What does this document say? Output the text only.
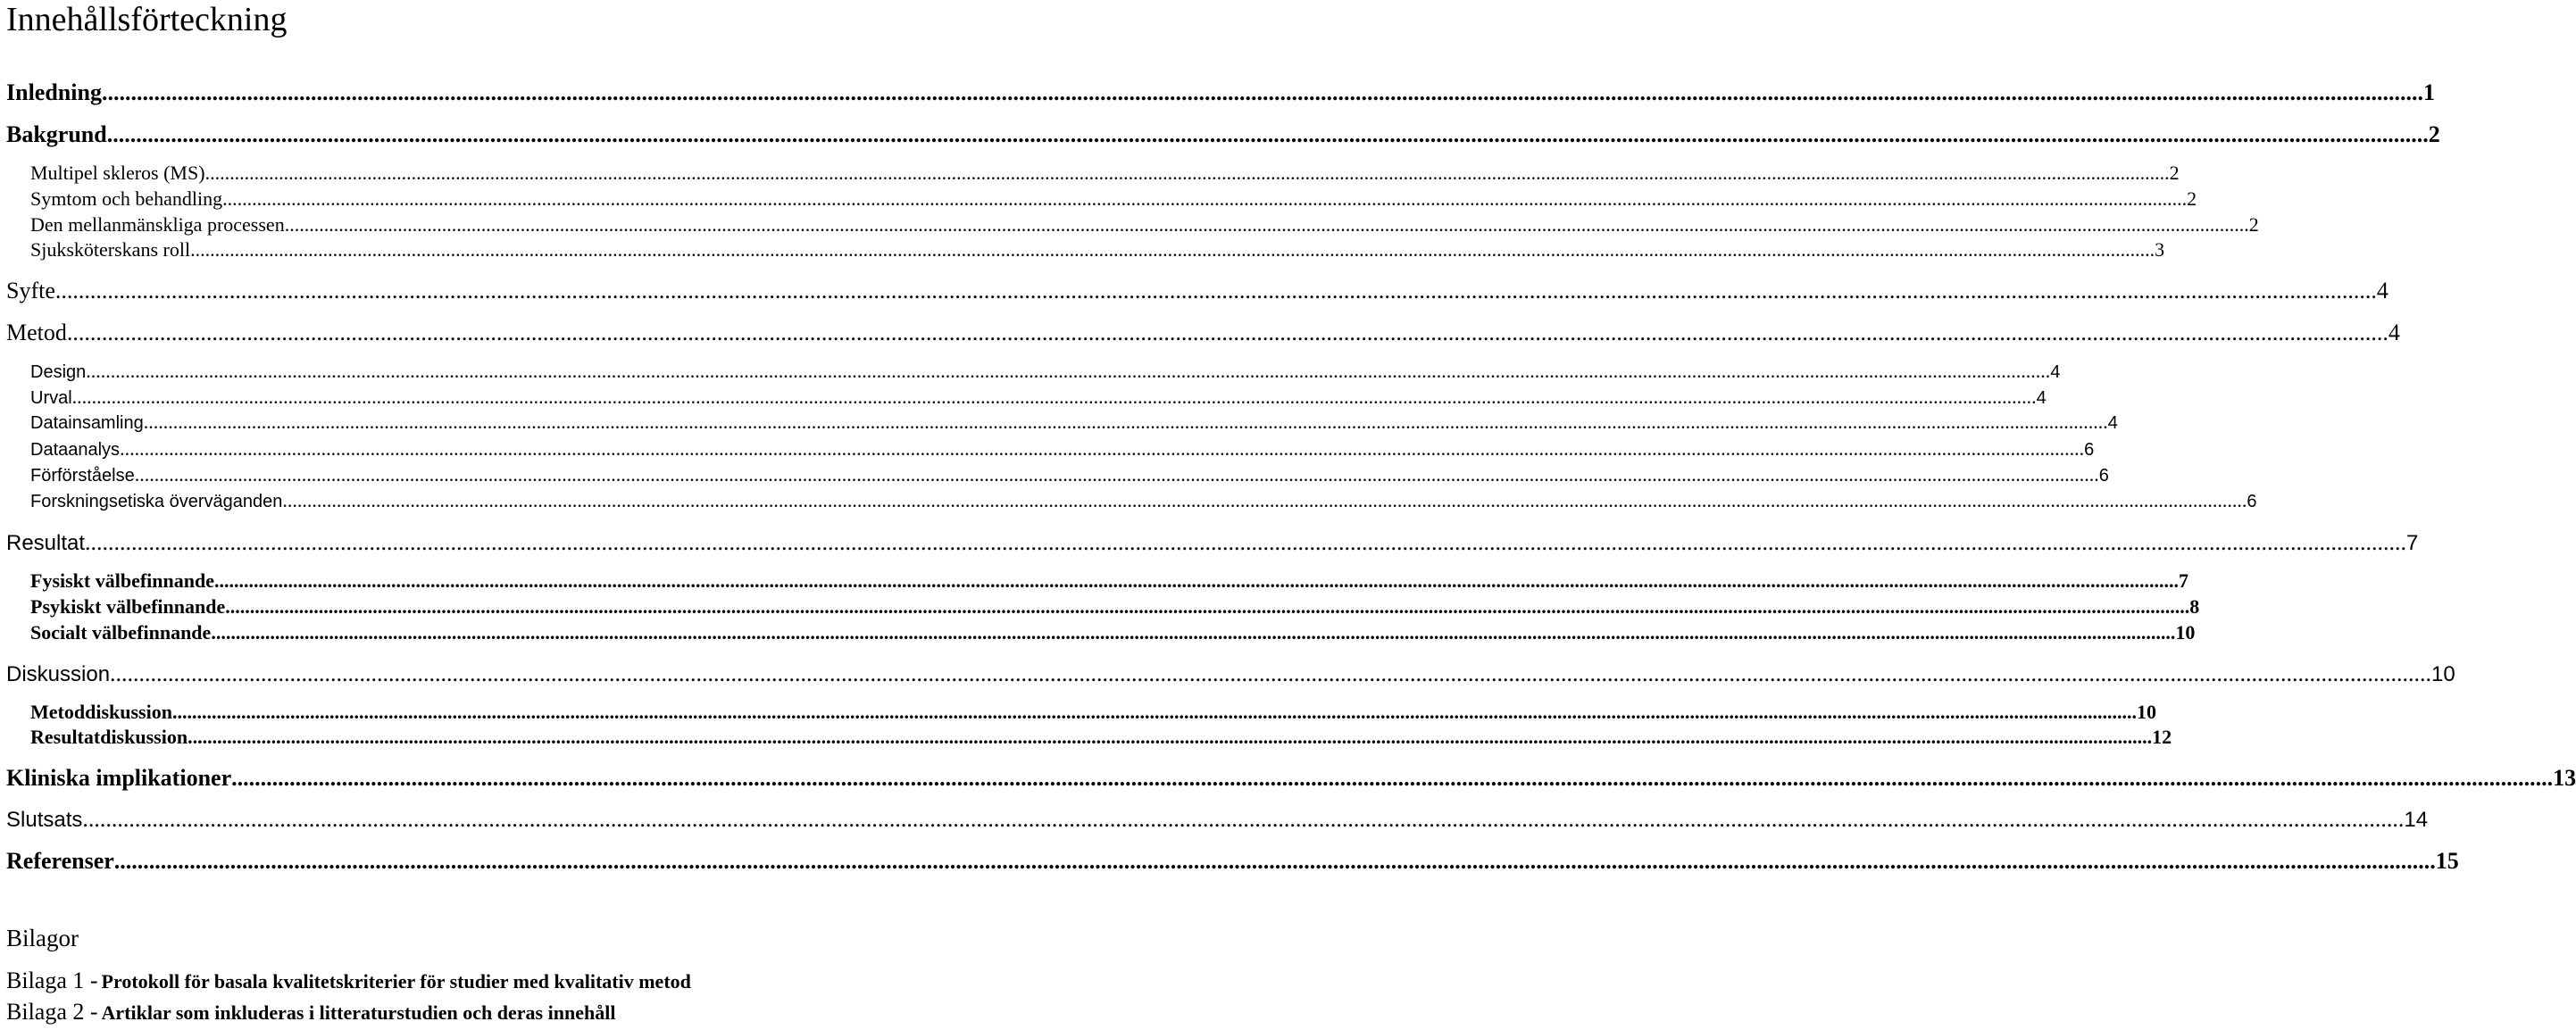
Innehållsförteckning
Inledning ................................................................................................................................................................................................................................................................................................................................................................................................................ 1
Bakgrund ................................................................................................................................................................................................................................................................................................................................................................................................................ 2
Multipel skleros (MS) ................................................................................................................................................................................................................................................................................................................................................................................................................ 2
Symtom och behandling ................................................................................................................................................................................................................................................................................................................................................................................................................ 2
Den mellanmänskliga processen ................................................................................................................................................................................................................................................................................................................................................................................................................ 2
Sjuksköterskans roll ................................................................................................................................................................................................................................................................................................................................................................................................................ 3
Syfte ................................................................................................................................................................................................................................................................................................................................................................................................................ 4
Metod ................................................................................................................................................................................................................................................................................................................................................................................................................ 4
Design ................................................................................................................................................................................................................................................................................................................................................................................................................ 4
Urval ................................................................................................................................................................................................................................................................................................................................................................................................................ 4
Datainsamling ................................................................................................................................................................................................................................................................................................................................................................................................................ 4
Dataanalys ................................................................................................................................................................................................................................................................................................................................................................................................................ 6
Förförståelse ................................................................................................................................................................................................................................................................................................................................................................................................................ 6
Forskningsetiska överväganden ................................................................................................................................................................................................................................................................................................................................................................................................................ 6
Resultat ................................................................................................................................................................................................................................................................................................................................................................................................................ 7
Fysiskt välbefinnande ................................................................................................................................................................................................................................................................................................................................................................................................................ 7
Psykiskt välbefinnande ................................................................................................................................................................................................................................................................................................................................................................................................................ 8
Socialt välbefinnande ................................................................................................................................................................................................................................................................................................................................................................................................................ 10
Diskussion ................................................................................................................................................................................................................................................................................................................................................................................................................ 10
Metoddiskussion ................................................................................................................................................................................................................................................................................................................................................................................................................ 10
Resultatdiskussion ................................................................................................................................................................................................................................................................................................................................................................................................................ 12
Kliniska implikationer ................................................................................................................................................................................................................................................................................................................................................................................................................ 13
Slutsats ................................................................................................................................................................................................................................................................................................................................................................................................................ 14
Referenser ................................................................................................................................................................................................................................................................................................................................................................................................................ 15
Bilagor
Bilaga 1 - Protokoll för basala kvalitetskriterier för studier med kvalitativ metod
Bilaga 2 - Artiklar som inkluderas i litteraturstudien och deras innehåll
